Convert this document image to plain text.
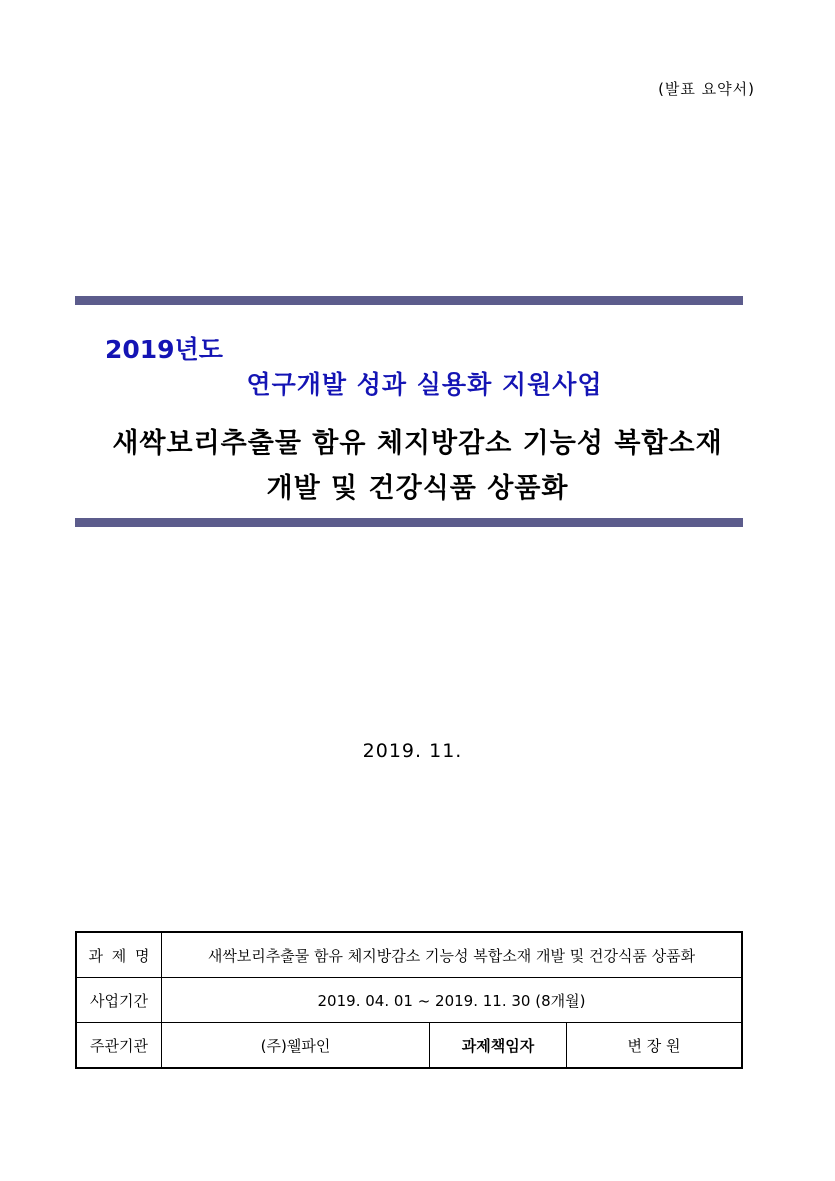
(발표 요약서)
2019년도
연구개발 성과 실용화 지원사업
새싹보리추출물 함유 체지방감소 기능성 복합소재
개발 및 건강식품 상품화
2019. 11.
과 제 명	새싹보리추출물 함유 체지방감소 기능성 복합소재 개발 및 건강식품 상품화		
사업기간	2019. 04. 01 ~ 2019. 11. 30 (8개월)		
주관기관	(주)웰파인	과제책임자	변 장 원
